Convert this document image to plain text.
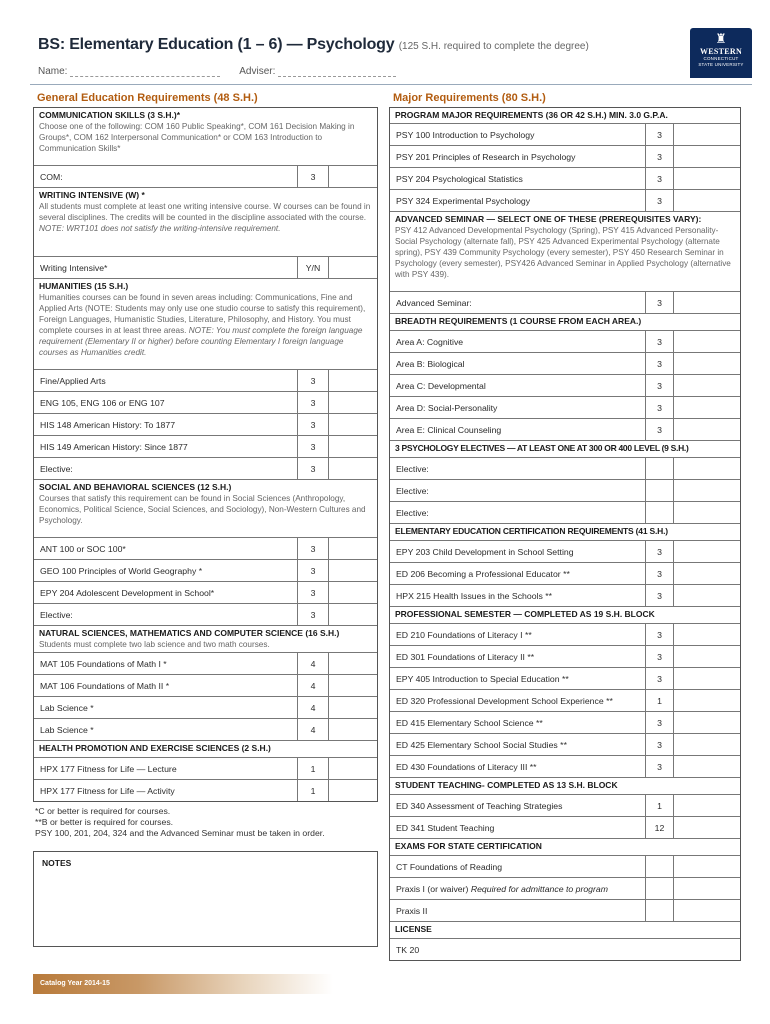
BS: Elementary Education (1 – 6) — Psychology (125 S.H. required to complete the degree)
♜
WESTERN
CONNECTICUT
STATE UNIVERSITY
Name:	Adviser:
General Education Requirements (48 S.H.)
COMMUNICATION SKILLS (3 S.H.)*
Choose one of the following: COM 160 Public Speaking*, COM 161 Decision Making in Groups*, COM 162 Interpersonal Communication* or COM 163 Introduction to Communication Skills*
COM:	3
WRITING INTENSIVE (W) *
All students must complete at least one writing intensive course. W courses can be found in several disciplines. The credits will be counted in the discipline associated with the course. NOTE: WRT101 does not satisfy the writing-intensive requirement.
Writing Intensive*	Y/N
HUMANITIES (15 S.H.)
Humanities courses can be found in seven areas including: Communications, Fine and Applied Arts (NOTE: Students may only use one studio course to satisfy this requirement), Foreign Languages, Humanistic Studies, Literature, Philosophy, and History. You must complete courses in at least three areas. NOTE: You must complete the foreign language requirement (Elementary II or higher) before counting Elementary I foreign language courses as Humanities credit.
Fine/Applied Arts	3
ENG 105, ENG 106 or ENG 107	3
HIS 148 American History: To 1877	3
HIS 149 American History: Since 1877	3
Elective:	3
SOCIAL AND BEHAVIORAL SCIENCES (12 S.H.)
Courses that satisfy this requirement can be found in Social Sciences (Anthropology, Economics, Political Science, Social Sciences, and Sociology), Non-Western Cultures and Psychology.
ANT 100 or SOC 100*	3
GEO 100 Principles of World Geography *	3
EPY 204 Adolescent Development in School*	3
Elective:	3
NATURAL SCIENCES, MATHEMATICS AND COMPUTER SCIENCE (16 S.H.)
Students must complete two lab science and two math courses.
MAT 105 Foundations of Math I *	4
MAT 106 Foundations of Math II *	4
Lab Science *	4
Lab Science *	4
HEALTH PROMOTION AND EXERCISE SCIENCES (2 S.H.)
HPX 177 Fitness for Life — Lecture	1
HPX 177 Fitness for Life — Activity	1
*C or better is required for courses.
**B or better is required for courses.
PSY 100, 201, 204, 324 and the Advanced Seminar must be taken in order.
NOTES
Major Requirements (80 S.H.)
PROGRAM MAJOR REQUIREMENTS (36 OR 42 S.H.) MIN. 3.0 G.P.A.
PSY 100 Introduction to Psychology	3
PSY 201 Principles of Research in Psychology	3
PSY 204 Psychological Statistics	3
PSY 324 Experimental Psychology	3
ADVANCED SEMINAR — SELECT ONE OF THESE (PREREQUISITES VARY):
PSY 412 Advanced Developmental Psychology (Spring), PSY 415 Advanced Personality-Social Psychology (alternate fall), PSY 425 Advanced Experimental Psychology (alternate spring), PSY 439 Community Psychology (every semester), PSY 450 Research Seminar in Psychology (every semester), PSY426 Advanced Seminar in Applied Psychology (alternative with PSY 439).
Advanced Seminar:	3
BREADTH REQUIREMENTS (1 COURSE FROM EACH AREA.)
Area A: Cognitive	3
Area B: Biological	3
Area C: Developmental	3
Area D: Social-Personality	3
Area E: Clinical Counseling	3
3 PSYCHOLOGY ELECTIVES — AT LEAST ONE AT 300 OR 400 LEVEL (9 S.H.)
Elective:
Elective:
Elective:
ELEMENTARY EDUCATION CERTIFICATION REQUIREMENTS (41 S.H.)
EPY 203 Child Development in School Setting	3
ED 206 Becoming a Professional Educator **	3
HPX 215 Health Issues in the Schools **	3
PROFESSIONAL SEMESTER — COMPLETED AS 19 S.H. BLOCK
ED 210 Foundations of Literacy I **	3
ED 301 Foundations of Literacy II **	3
EPY 405 Introduction to Special Education **	3
ED 320 Professional Development School Experience **	1
ED 415 Elementary School Science **	3
ED 425 Elementary School Social Studies **	3
ED 430 Foundations of Literacy III **	3
STUDENT TEACHING- COMPLETED AS 13 S.H. BLOCK
ED 340 Assessment of Teaching Strategies	1
ED 341 Student Teaching	12
EXAMS FOR STATE CERTIFICATION
CT Foundations of Reading
Praxis I (or waiver)
Required for admittance to program
Praxis II
LICENSE
TK 20
Catalog Year 2014-15
